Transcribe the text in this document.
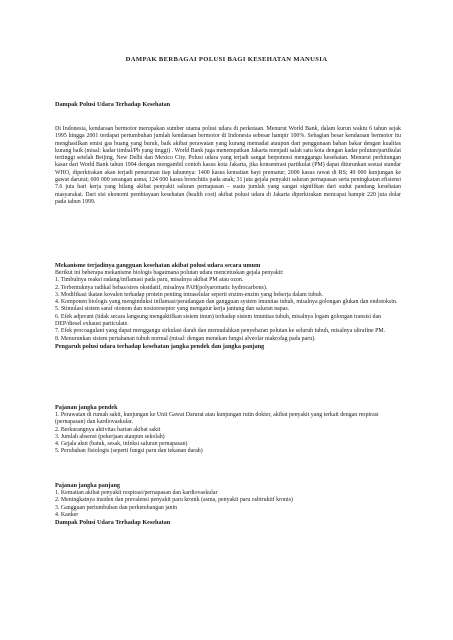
DAMPAK BERBAGAI POLUSI BAGI KESEHATAN MANUSIA
Dampak Polusi Udara Terhadap Kesehatan

Di Indonesia, kendaraan bermotor merupakan sumber utama polusi udara di perkotaan. Menurut World Bank, dalam kurun waktu 6 tahun sejak 1995 hingga 2001 terdapat pertumbuhan jumlah kendaraan bermotor di Indonesia sebesar hampir 100%. Sebagian besar kendaraan bermotor itu menghasilkan emisi gas buang yang buruk, baik akibat perawatan yang kurang memadai ataupun dari penggunaan bahan bakar dengan kualitas kurang baik (misal: kadar timbal/Pb yang tinggi) . World Bank juga menempatkan Jakarta menjadi salah satu kota dengan kadar polutan/partikulat tertinggi setelah Beijing, New Delhi dan Mexico City. Polusi udara yang terjadi sangat berpotensi menggangu kesehatan. Menurut perhitungan kasar dari World Bank tahun 1994 dengan mengambil contoh kasus kota Jakarta, jika konsentrasi partikulat (PM) dapat diturunkan sesuai standar WHO, diperkirakan akan terjadi penurunan tiap tahunnya: 1400 kasus kematian bayi prematur; 2000 kasus rawat di RS; 49 000 kunjungan ke gawat darurat; 600 000 serangan asma; 124 000 kasus bronchitis pada anak; 31 juta gejala penyakit saluran pernapasan serta peningkatan efisiensi 7.6 juta hari kerja yang hilang akibat penyakit saluran pernapasan – suatu jumlah yang sangat signifikan dari sudut pandang kesehatan masyarakat. Dari sisi ekonomi pembiayaan kesehatan (health cost) akibat polusi udara di Jakarta diperkirakan mencapai hampir 220 juta dolar pada tahun 1999.

Mekanisme terjadinya gangguan kesehatan akibat polusi udara secara umum
Berikut ini beberapa mekanisme biologis bagaimana polutan udara mencetuskan gejala penyakit:
1. Timbulnya reaksi radang/inflamasi pada paru, misalnya akibat PM atau ozon.
2. Terbentuknya radikal bebas/stres oksidatif, misalnya PAH(polyaromatic hydrocarbons).
3. Modifikasi ikatan kovalen terhadap protein penting intraselular seperti enzim-enzim yang bekerja dalam tubuh.
4. Komponen biologis yang menginduksi inflamasi/peradangan dan gangguan system imunitas tubuh, misalnya golongan glukan dan endotoksin.
5. Stimulasi sistem saraf otonom dan nosioreseptor yang mengatur kerja jantung dan saluran napas.
6. Efek adjuvant (tidak secara langsung mengaktifkan sistem imun) terhadap sistem imunitas tubuh, misalnya logam golongan transisi dan DEP/diesel exhaust particulate.
7. Efek procoagulant yang dapat menggangu sirkulasi darah dan memudahkan penyebaran polutan ke seluruh tubuh, misalnya ultrafine PM.
8. Menurunkan sistem pertahanan tubuh normal (misal: dengan menekan fungsi alveolar makrofag pada paru).
Pengaruh polusi udara terhadap kesehatan jangka pendek dan jangka panjang
Pajanan jangka pendek
1. Perawatan di rumah sakit, kunjungan ke Unit Gawat Darurat atau kunjungan rutin dokter, akibat penyakit yang terkait dengan respirasi (pernapasan) dan kardiovaskular.
2. Berkurangnya aktivitas harian akibat sakit
3. Jumlah absensi (pekerjaan ataupun sekolah)
4. Gejala akut (batuk, sesak, infeksi saluran pernapasan)
5. Perubahan fisiologis (seperti fungsi paru dan tekanan darah)
Pajanan jangka panjang
1. Kematian akibat penyakit respirasi/pernapasan dan kardiovaskular
2. Meningkatnya insiden dan prevalensi penyakit paru kronik (asma, penyakit paru osbtruktif kronis)
3. Gangguan pertumbuhan dan perkembangan janin
4. Kanker
Dampak Polusi Udara Terhadap Kesehatan
